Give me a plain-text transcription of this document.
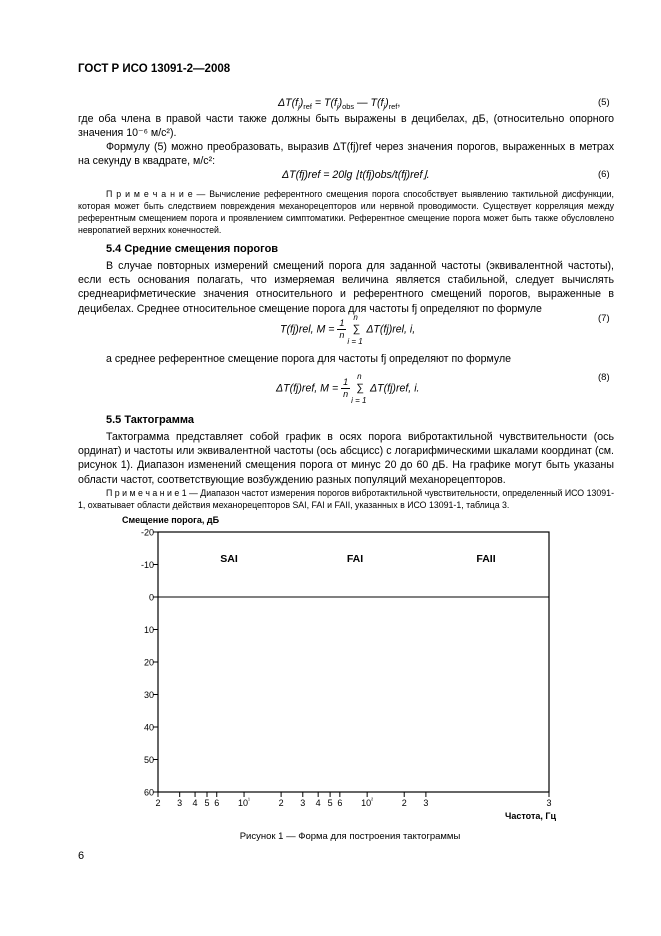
ГОСТ Р ИСО 13091-2—2008
$\Delta T(f_j)_{ref} = T(f_j)_{obs}$ — $T(f_j)_{ref}$,	(5)
где оба члена в правой части также должны быть выражены в децибелах, дБ, (относительно опорного значения 10⁻⁶ м/с²).
Формулу (5) можно преобразовать, выразив ΔT(fj)ref через значения порогов, выраженных в метрах на секунду в квадрате, м/с²:
ΔT(fj)ref = 20lg ⌊t(fj)obs/t(fj)ref⌋.	(6)
П р и м е ч а н и е — Вычисление референтного смещения порога способствует выявлению тактильной дисфункции, которая может быть следствием повреждения механорецепторов или нервной проводимости. Существует корреляция между референтным смещением порога и проявлением симптоматики. Референтное смещение порога может быть также обусловлено невропатией верхних конечностей.
5.4 Средние смещения порогов
В случае повторных измерений смещений порога для заданной частоты (эквивалентной частоты), если есть основания полагать, что измеряемая величина является стабильной, следует вычислять среднеарифметические значения относительного и референтного смещений порогов, выраженные в децибелах. Среднее относительное смещение порога для частоты fj определяют по формуле
T(fj)rel, $M = \frac{1}{n}$ ∑
n
i = 1
ΔT(fj)rel, i,
(7)
а среднее референтное смещение порога для частоты fj определяют по формуле
ΔT(fj)ref, $M = \frac{1}{n}$ ∑
n
i = 1
ΔT(fj)ref, i.
(8)
5.5 Тактограмма
Тактограмма представляет собой график в осях порога вибротактильной чувствительности (ось ординат) и частоты или эквивалентной частоты (ось абсцисс) с логарифмическими шкалами координат (см. рисунок 1). Диапазон изменений смещения порога от минус 20 до 60 дБ. На графике могут быть указаны области частот, соответствующие возбуждению разных популяций механорецепторов.
П р и м е ч а н и е 1 — Диапазон частот измерения порогов вибротактильной чувствительности, определенный ИСО 13091-1, охватывает области действия механорецепторов SAI, FAI и FAII, указанных в ИСО 13091-1, таблица 3.
Смещение порога, дБ
-20
-10
0
10
20
30
40
50
60
2 3 4 5 6 $10^{^1}$	2 3 4 5 6 $10^{^2}$	2 3	3
SAI	FAI	FAII
Частота, Гц
Рисунок 1 — Форма для построения тактограммы
6
